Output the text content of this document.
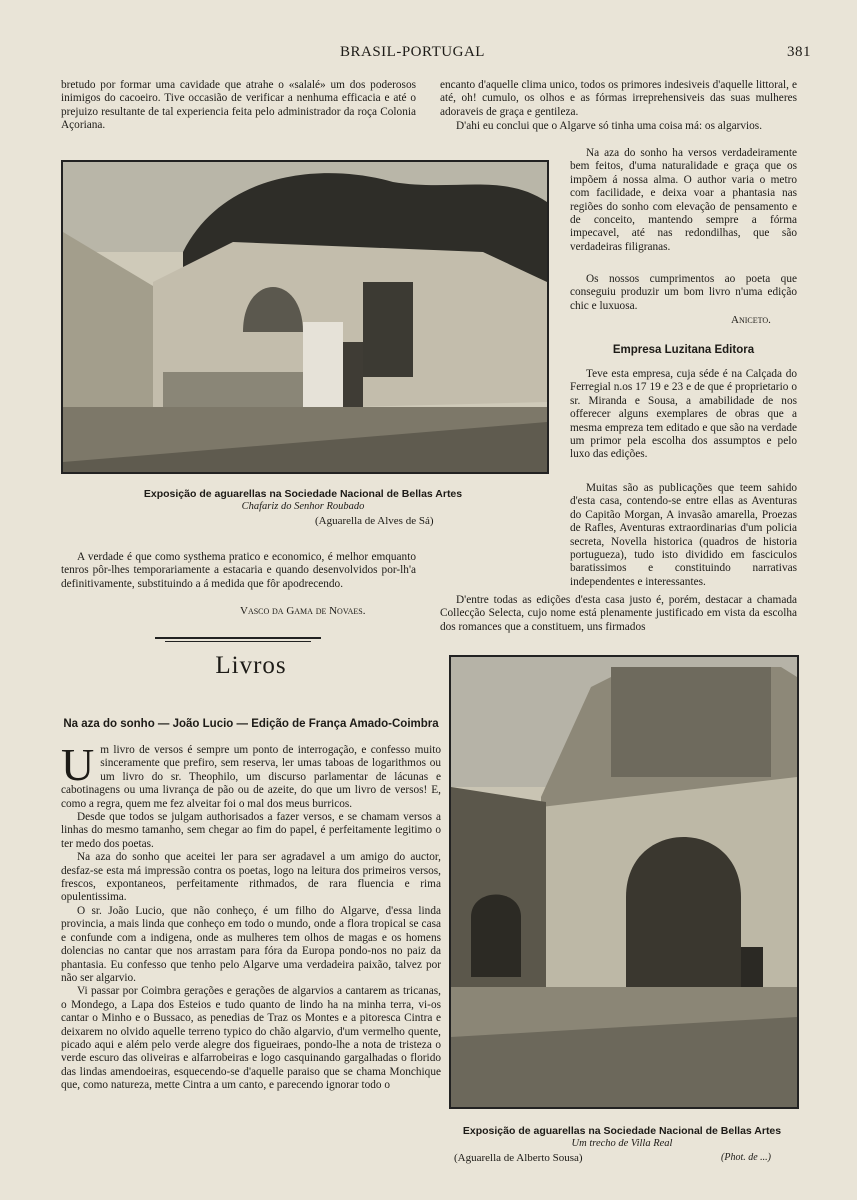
BRASIL-PORTUGAL	381
bretudo por formar uma cavidade que atrahe o «salalé» um dos poderosos inimigos do cacoeiro. Tive occasião de verificar a nenhuma efficacia e até o prejuizo resultante de tal experiencia feita pelo administrador da roça Colonia Açoriana.
encanto d'aquelle clima unico, todos os primores indesiveis d'aquelle littoral, e até, oh! cumulo, os olhos e as fórmas irreprehensiveis das suas mulheres adoraveis de graça e gentileza.

D'ahi eu conclui que o Algarve só tinha uma coisa má: os algarvios.

Na aza do sonho ha versos verdadeiramente bem feitos, d'uma naturalidade e graça que os impõem á nossa alma. O author varia o metro com facilidade, e deixa voar a phantasia nas regiões do sonho com elevação de pensamento e de conceito, mantendo sempre a fórma impecavel, até nas redondilhas, que são verdadeiras filigranas.

Os nossos cumprimentos ao poeta que conseguiu produzir um bom livro n'uma edição chic e luxuosa.

Aniceto.
Exposição de aguarellas na Sociedade Nacional de Bellas Artes
Chafariz do Senhor Roubado
(Aguarella de Alves de Sá)
Empresa Luzitana Editora

Teve esta empresa, cuja séde é na Calçada do Ferregial n.os 17 19 e 23 e de que é proprietario o sr. Miranda e Sousa, a amabilidade de nos offerecer alguns exemplares de obras que a mesma empreza tem editado e que são na verdade um primor pela escolha dos assumptos e pelo luxo das edições.

Muitas são as publicações que teem sahido d'esta casa, contendo-se entre ellas as Aventuras do Capitão Morgan, A invasão amarella, Proezas de Rafles, Aventuras extraordinarias d'um policia secreta, Novella historica (quadros de historia portugueza), tudo isto dividido em fasciculos baratissimos e constituindo narrativas independentes e interessantes.

D'entre todas as edições d'esta casa justo é, porém, destacar a chamada Collecção Selecta, cujo nome está plenamente justificado em vista da escolha dos romances que a constituem, uns firmados

A verdade é que como systhema pratico e economico, é melhor emquanto tenros pôr-lhes temporariamente a estacaria e quando desenvolvidos por-lh'a definitivamente, substituindo a á medida que fôr apodrecendo.

Vasco da Gama de Novaes.
Livros
Na aza do sonho — João Lucio — Edição de França Amado-Coimbra
U m livro de versos é sempre um ponto de interrogação, e confesso muito sinceramente que prefiro, sem reserva, ler umas taboas de logarithmos ou um livro do sr. Theophilo, um discurso parlamentar de lácunas e cabotinagens ou uma livrança de pão ou de azeite, do que um livro de versos! E, como a regra, quem me fez alveitar foi o mal dos meus burricos.

Desde que todos se julgam authorisados a fazer versos, e se chamam versos a linhas do mesmo tamanho, sem chegar ao fim do papel, é perfeitamente legitimo o ter medo dos poetas.

Na aza do sonho que aceitei ler para ser agradavel a um amigo do auctor, desfaz-se esta má impressão contra os poetas, logo na leitura dos primeiros versos, frescos, expontaneos, perfeitamente rithmados, de rara fluencia e rima opulentissima.

O sr. João Lucio, que não conheço, é um filho do Algarve, d'essa linda provincia, a mais linda que conheço em todo o mundo, onde a flora tropical se casa e confunde com a indigena, onde as mulheres tem olhos de magas e os homens dolencias no cantar que nos arrastam para fóra da Europa pondo-nos no paiz da phantasia. Eu confesso que tenho pelo Algarve uma verdadeira paixão, talvez por não ser algarvio.

Vi passar por Coimbra gerações e gerações de algarvios a cantarem as tricanas, o Mondego, a Lapa dos Esteios e tudo quanto de lindo ha na minha terra, vi-os cantar o Minho e o Bussaco, as penedias de Traz os Montes e a pitoresca Cintra e deixarem no olvido aquelle terreno typico do chão algarvio, d'um vermelho quente, picado aqui e além pelo verde alegre dos figueiraes, pondo-lhe a nota de tristeza o verde escuro das oliveiras e alfarrobeiras e logo casquinando gargalhadas o florido das lindas amendoeiras, esquecendo-se d'aquelle paraiso que se chama Monchique que, como natureza, mette Cintra a um canto, e parecendo ignorar todo o

Exposição de aguarellas na Sociedade Nacional de Bellas Artes
Um trecho de Villa Real
(Aguarella de Alberto Sousa)	(Phot. de ...)
